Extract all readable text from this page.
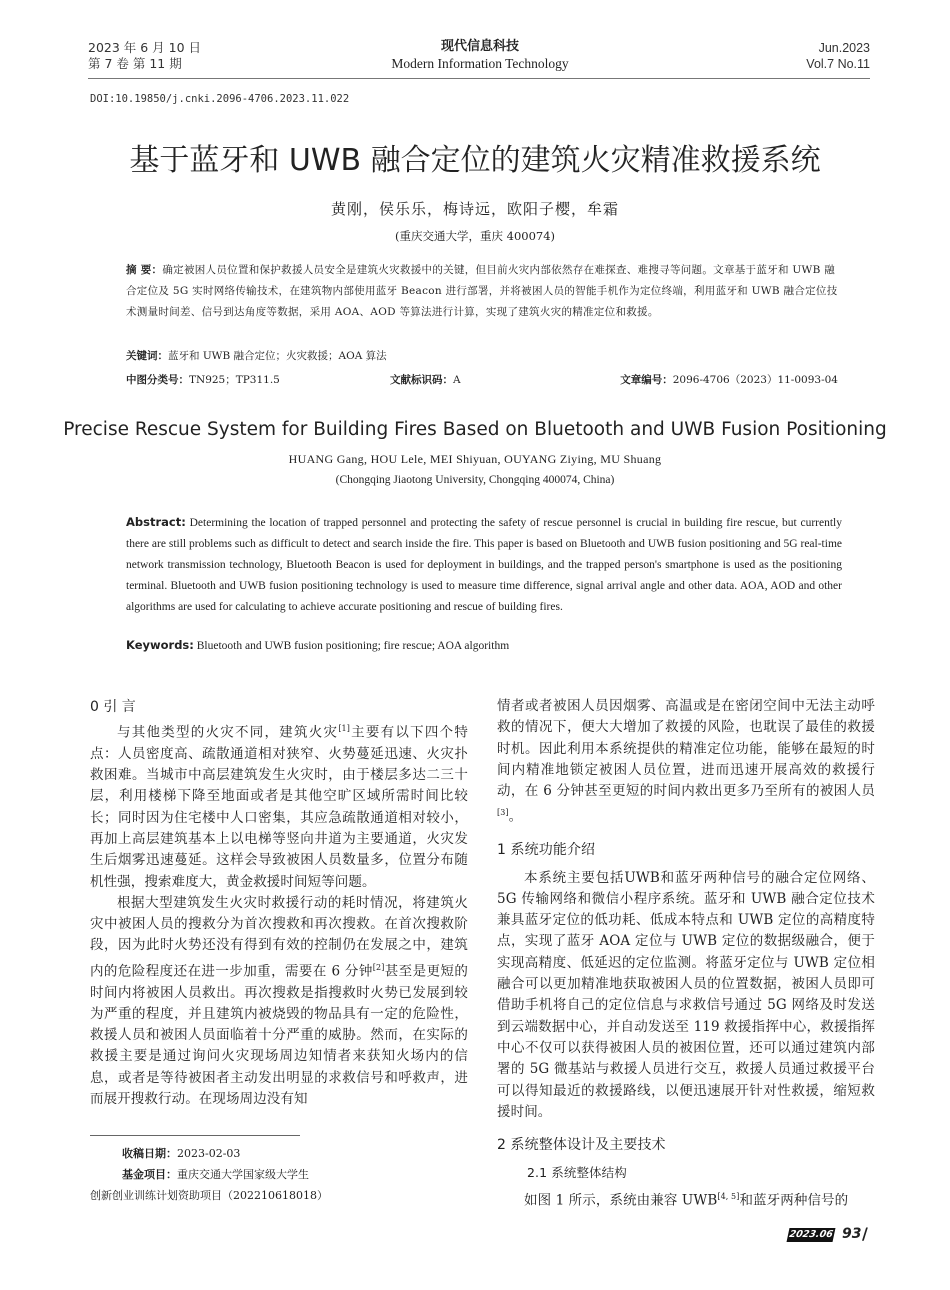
2023 年 6 月 10 日
第 7 卷 第 11 期
现代信息科技
Modern Information Technology
Jun.2023
Vol.7 No.11
DOI:10.19850/j.cnki.2096-4706.2023.11.022
基于蓝牙和 UWB 融合定位的建筑火灾精准救援系统
黄刚，侯乐乐，梅诗远，欧阳子樱，牟霜
(重庆交通大学，重庆 400074)
摘 要：确定被困人员位置和保护救援人员安全是建筑火灾救援中的关键，但目前火灾内部依然存在难探查、难搜寻等问题。文章基于蓝牙和 UWB 融合定位及 5G 实时网络传输技术，在建筑物内部使用蓝牙 Beacon 进行部署，并将被困人员的智能手机作为定位终端，利用蓝牙和 UWB 融合定位技术测量时间差、信号到达角度等数据，采用 AOA、AOD 等算法进行计算，实现了建筑火灾的精准定位和救援。
关键词：蓝牙和 UWB 融合定位；火灾救援；AOA 算法
中图分类号：TN925；TP311.5	文献标识码：A	文章编号：2096-4706（2023）11-0093-04
Precise Rescue System for Building Fires Based on Bluetooth and UWB Fusion Positioning
HUANG Gang, HOU Lele, MEI Shiyuan, OUYANG Ziying, MU Shuang
(Chongqing Jiaotong University, Chongqing 400074, China)
Abstract: Determining the location of trapped personnel and protecting the safety of rescue personnel is crucial in building fire rescue, but currently there are still problems such as difficult to detect and search inside the fire. This paper is based on Bluetooth and UWB fusion positioning and 5G real-time network transmission technology, Bluetooth Beacon is used for deployment in buildings, and the trapped person's smartphone is used as the positioning terminal. Bluetooth and UWB fusion positioning technology is used to measure time difference, signal arrival angle and other data. AOA, AOD and other algorithms are used for calculating to achieve accurate positioning and rescue of building fires.
Keywords: Bluetooth and UWB fusion positioning; fire rescue; AOA algorithm
0 引 言

与其他类型的火灾不同，建筑火灾[1]主要有以下四个特点：人员密度高、疏散通道相对狭窄、火势蔓延迅速、火灾扑救困难。当城市中高层建筑发生火灾时，由于楼层多达二三十层，利用楼梯下降至地面或者是其他空旷区域所需时间比较长；同时因为住宅楼中人口密集，其应急疏散通道相对较小，再加上高层建筑基本上以电梯等竖向井道为主要通道，火灾发生后烟雾迅速蔓延。这样会导致被困人员数量多，位置分布随机性强，搜索难度大，黄金救援时间短等问题。

根据大型建筑发生火灾时救援行动的耗时情况，将建筑火灾中被困人员的搜救分为首次搜救和再次搜救。在首次搜救阶段，因为此时火势还没有得到有效的控制仍在发展之中，建筑内的危险程度还在进一步加重，需要在 6 分钟[2]甚至是更短的时间内将被困人员救出。再次搜救是指搜救时火势已发展到较为严重的程度，并且建筑内被烧毁的物品具有一定的危险性，救援人员和被困人员面临着十分严重的威胁。然而，在实际的救援主要是通过询问火灾现场周边知情者来获知火场内的信息，或者是等待被困者主动发出明显的求救信号和呼救声，进而展开搜救行动。在现场周边没有知

收稿日期：2023-02-03
基金项目：重庆交通大学国家级大学生
创新创业训练计划资助项目（202210618018）

情者或者被困人员因烟雾、高温或是在密闭空间中无法主动呼救的情况下，便大大增加了救援的风险，也耽误了最佳的救援时机。因此利用本系统提供的精准定位功能，能够在最短的时间内精准地锁定被困人员位置，进而迅速开展高效的救援行动，在 6 分钟甚至更短的时间内救出更多乃至所有的被困人员[3]。

1 系统功能介绍

本系统主要包括UWB和蓝牙两种信号的融合定位网络、5G 传输网络和微信小程序系统。蓝牙和 UWB 融合定位技术兼具蓝牙定位的低功耗、低成本特点和 UWB 定位的高精度特点，实现了蓝牙 AOA 定位与 UWB 定位的数据级融合，便于实现高精度、低延迟的定位监测。将蓝牙定位与 UWB 定位相融合可以更加精准地获取被困人员的位置数据，被困人员即可借助手机将自己的定位信息与求救信号通过 5G 网络及时发送到云端数据中心，并自动发送至 119 救援指挥中心，救援指挥中心不仅可以获得被困人员的被困位置，还可以通过建筑内部署的 5G 微基站与救援人员进行交互，救援人员通过救援平台可以得知最近的救援路线，以便迅速展开针对性救援，缩短救援时间。

2 系统整体设计及主要技术
2.1 系统整体结构

如图 1 所示，系统由兼容 UWB[4, 5]和蓝牙两种信号的

2023.06 93 /
